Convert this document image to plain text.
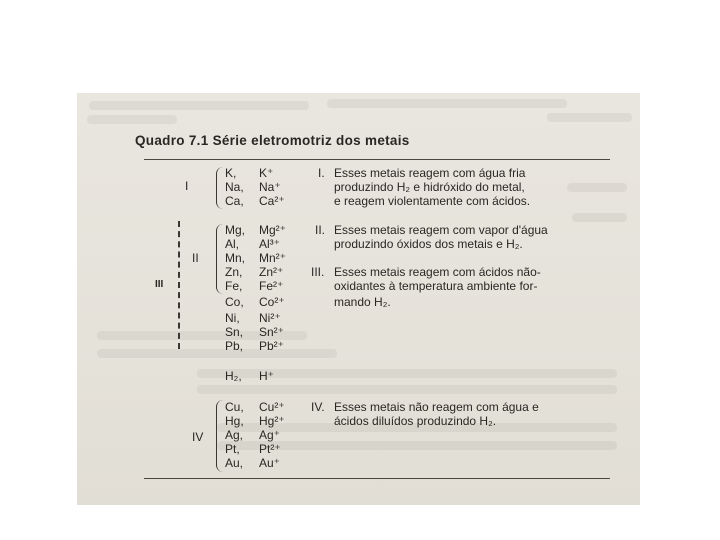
Quadro 7.1 Série eletromotriz dos metais
I
II
III
IV
K, K⁺
Na, Na⁺
Ca, Ca²⁺
Mg, Mg²⁺
Al, Al³⁺
Mn, Mn²⁺
Zn, Zn²⁺
Fe, Fe²⁺
Co, Co²⁺
Ni, Ni²⁺
Sn, Sn²⁺
Pb, Pb²⁺
H₂, H⁺
Cu, Cu²⁺
Hg, Hg²⁺
Ag, Ag⁺
Pt, Pt²⁺
Au, Au⁺
I. Esses metais reagem com água fria
produzindo H₂ e hidróxido do metal,
e reagem violentamente com ácidos.
II. Esses metais reagem com vapor d'água
produzindo óxidos dos metais e H₂.
III. Esses metais reagem com ácidos não-
oxidantes à temperatura ambiente for-
mando H₂.
IV. Esses metais não reagem com água e
ácidos diluídos produzindo H₂.
